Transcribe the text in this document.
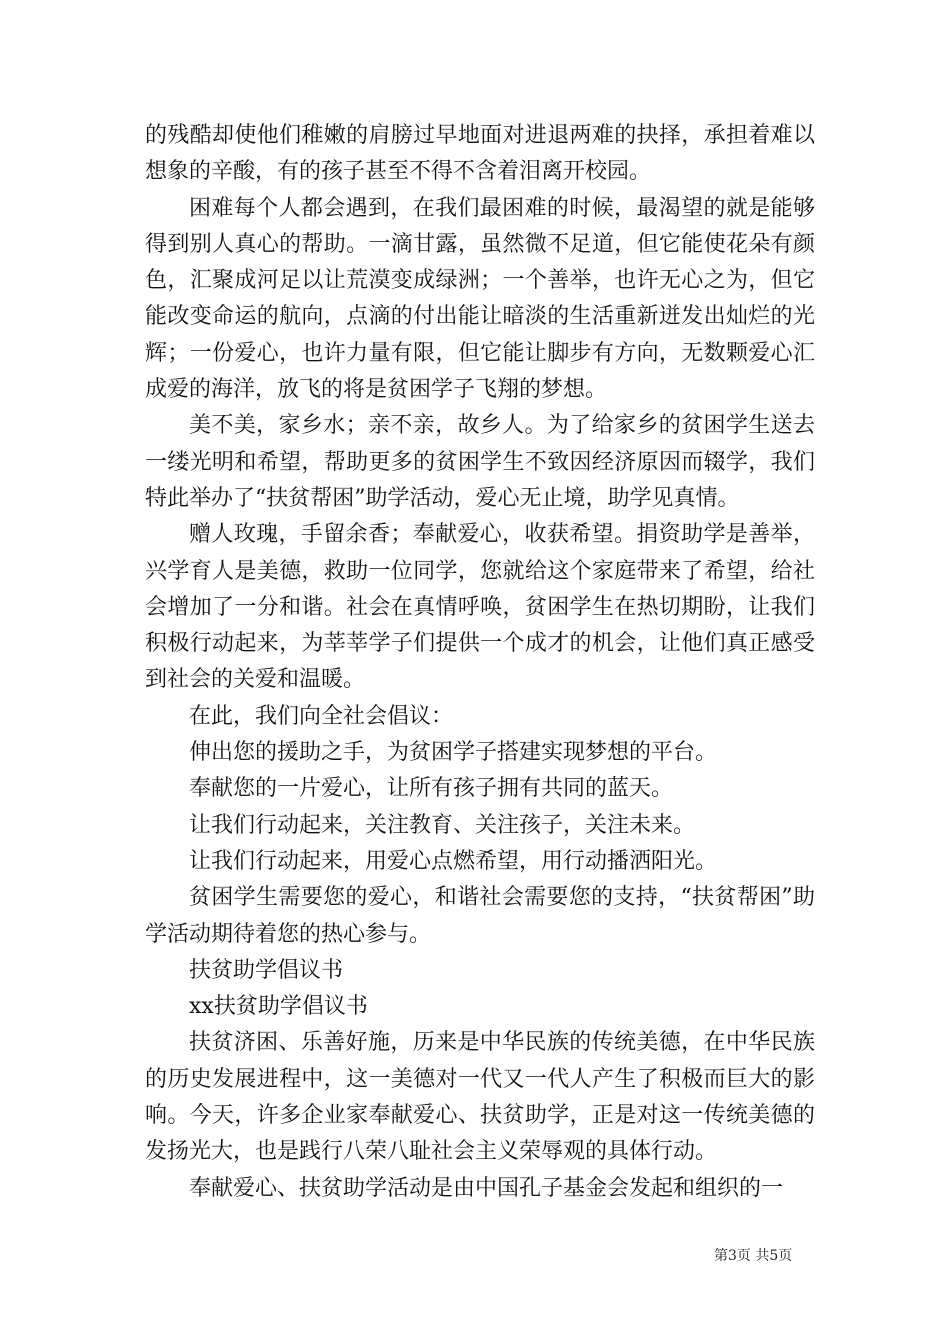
的残酷却使他们稚嫩的肩膀过早地面对进退两难的抉择，承担着难以想象的辛酸，有的孩子甚至不得不含着泪离开校园。

困难每个人都会遇到，在我们最困难的时候，最渴望的就是能够得到别人真心的帮助。一滴甘露，虽然微不足道，但它能使花朵有颜色，汇聚成河足以让荒漠变成绿洲；一个善举，也许无心之为，但它能改变命运的航向，点滴的付出能让暗淡的生活重新迸发出灿烂的光辉；一份爱心，也许力量有限，但它能让脚步有方向，无数颗爱心汇成爱的海洋，放飞的将是贫困学子飞翔的梦想。

美不美，家乡水；亲不亲，故乡人。为了给家乡的贫困学生送去一缕光明和希望，帮助更多的贫困学生不致因经济原因而辍学，我们特此举办了“扶贫帮困”助学活动，爱心无止境，助学见真情。

赠人玫瑰，手留余香；奉献爱心，收获希望。捐资助学是善举，兴学育人是美德，救助一位同学，您就给这个家庭带来了希望，给社会增加了一分和谐。社会在真情呼唤，贫困学生在热切期盼，让我们积极行动起来，为莘莘学子们提供一个成才的机会，让他们真正感受到社会的关爱和温暖。

在此，我们向全社会倡议：

伸出您的援助之手，为贫困学子搭建实现梦想的平台。

奉献您的一片爱心，让所有孩子拥有共同的蓝天。

让我们行动起来，关注教育、关注孩子，关注未来。

让我们行动起来，用爱心点燃希望，用行动播洒阳光。

贫困学生需要您的爱心，和谐社会需要您的支持，“扶贫帮困”助学活动期待着您的热心参与。

扶贫助学倡议书

xx扶贫助学倡议书

扶贫济困、乐善好施，历来是中华民族的传统美德，在中华民族的历史发展进程中，这一美德对一代又一代人产生了积极而巨大的影响。今天，许多企业家奉献爱心、扶贫助学，正是对这一传统美德的发扬光大，也是践行八荣八耻社会主义荣辱观的具体行动。

奉献爱心、扶贫助学活动是由中国孔子基金会发起和组织的一

第3页 共5页
